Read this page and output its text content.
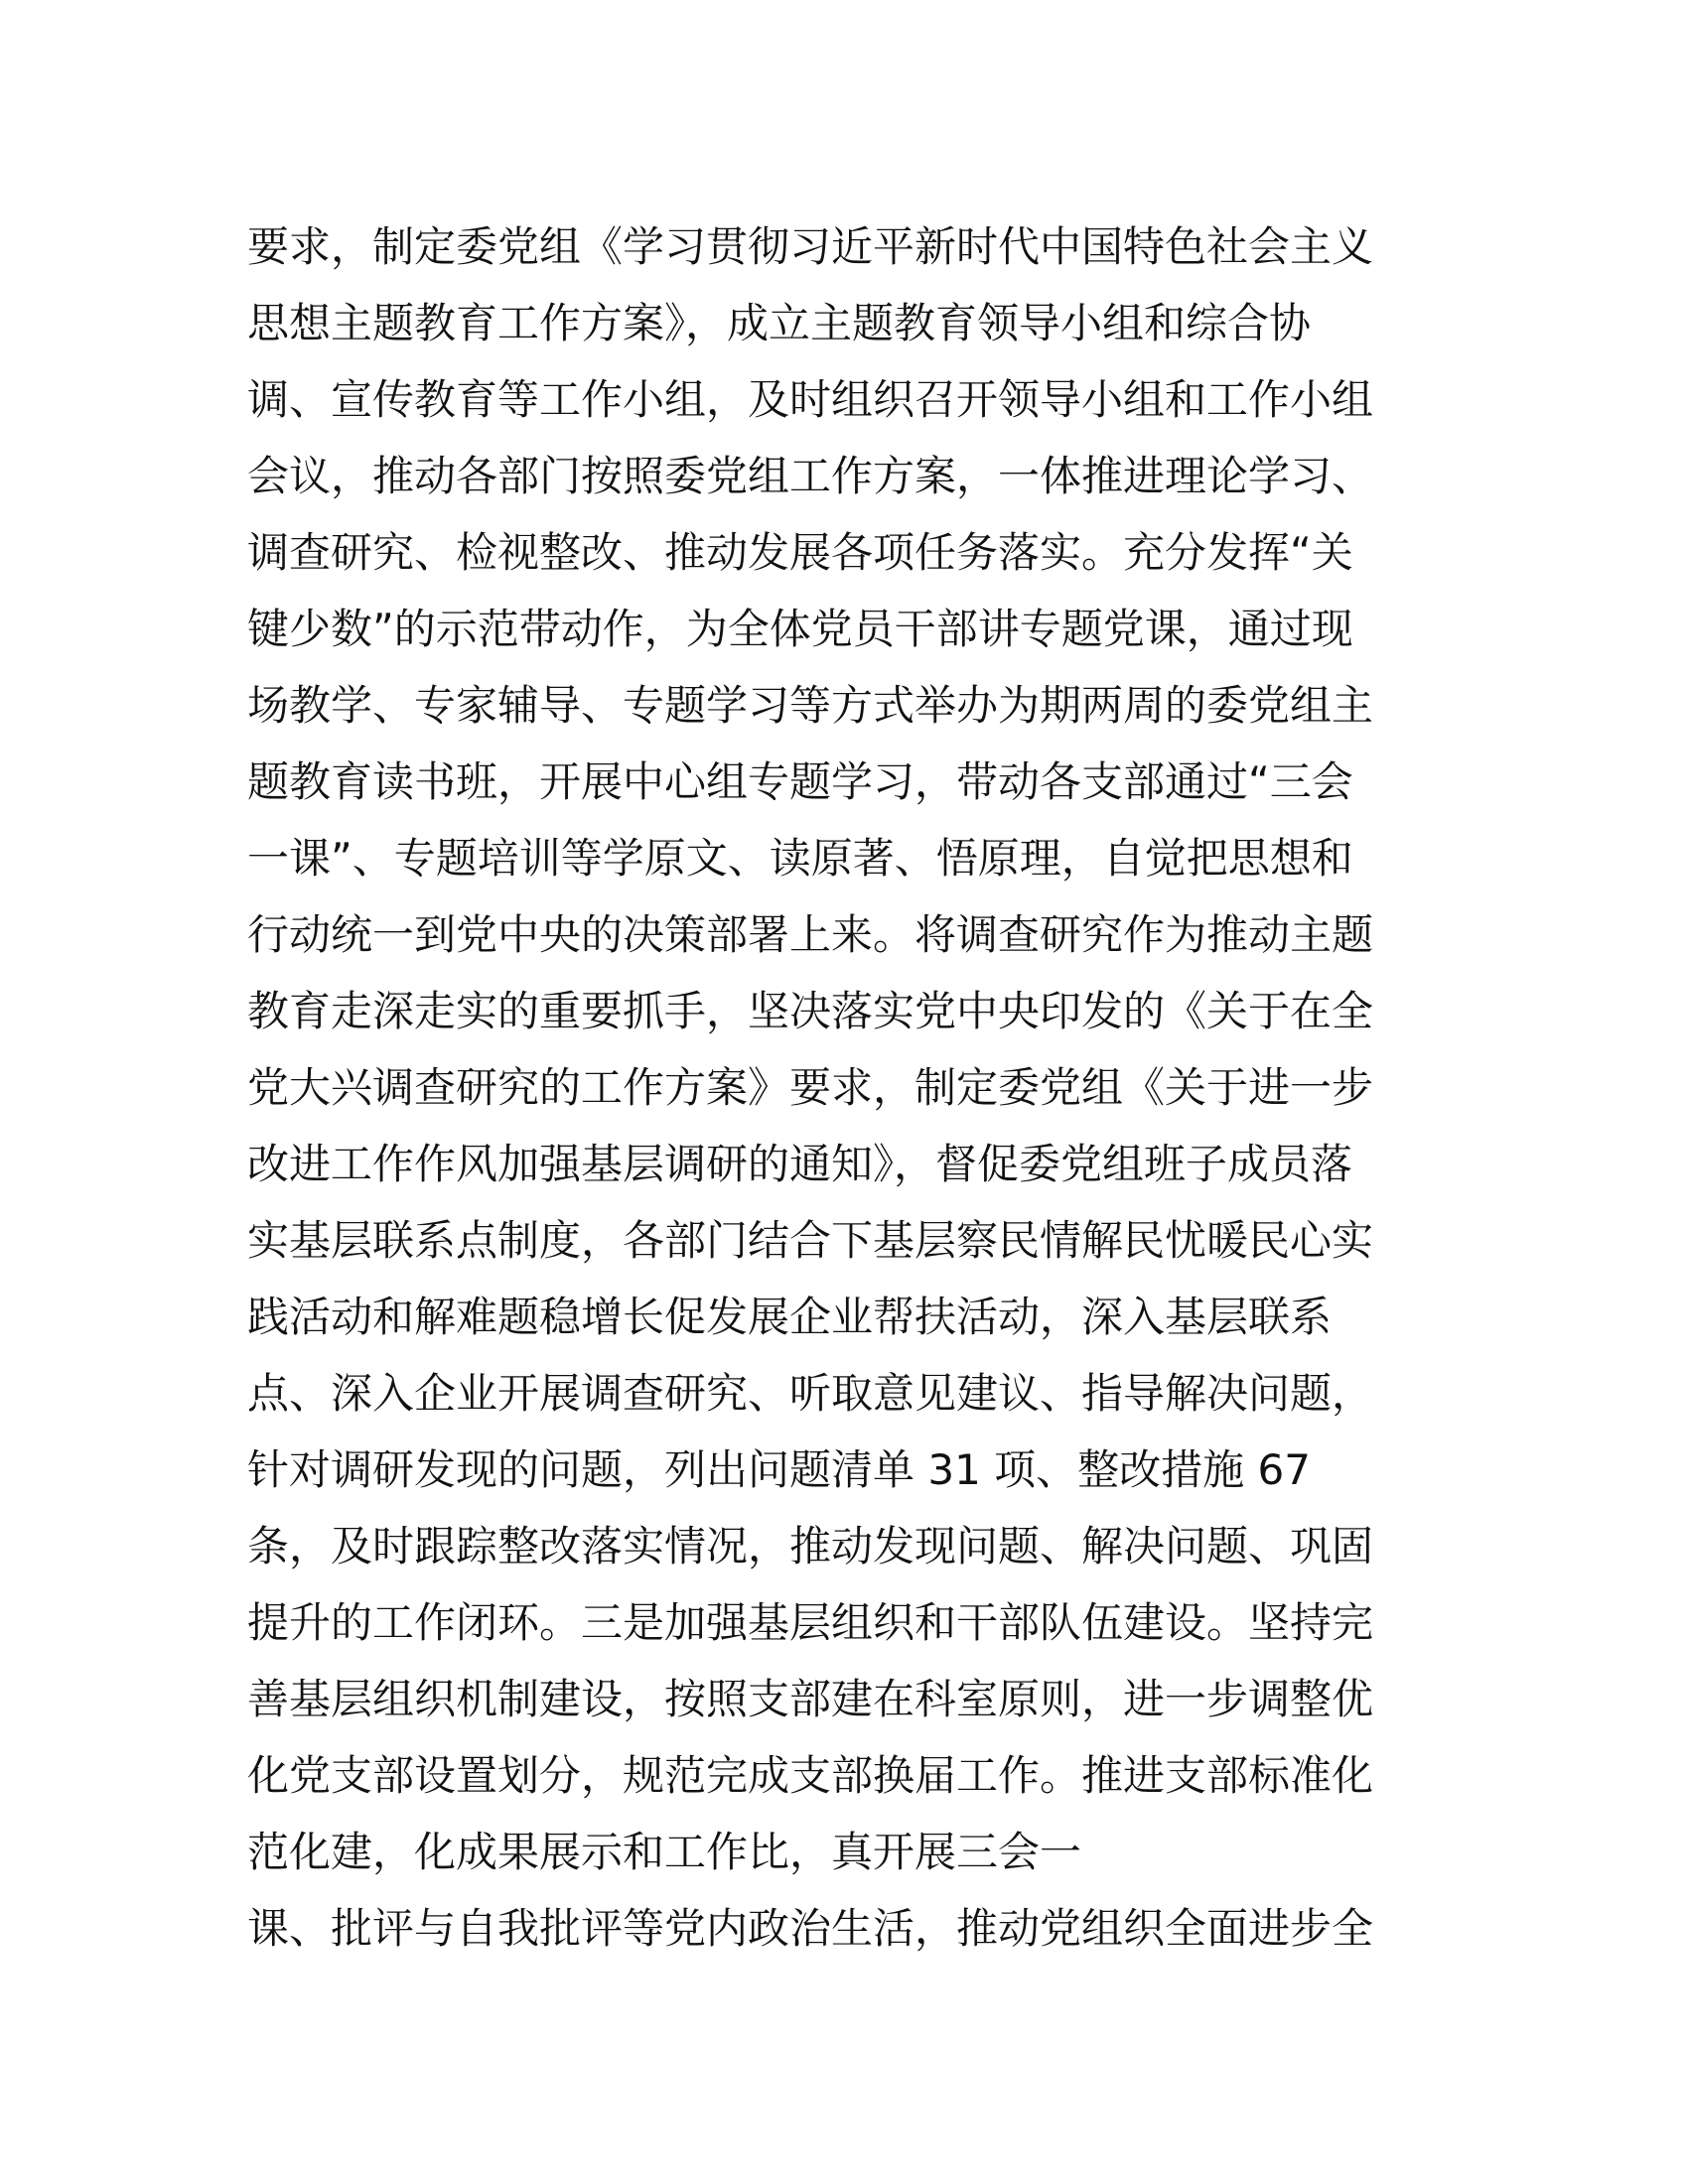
要求，制定委党组《学习贯彻习近平新时代中国特色社会主义
思想主题教育工作方案》，成立主题教育领导小组和综合协
调、宣传教育等工作小组，及时组织召开领导小组和工作小组
会议，推动各部门按照委党组工作方案，一体推进理论学习、
调查研究、检视整改、推动发展各项任务落实。充分发挥“关
键少数”的示范带动作，为全体党员干部讲专题党课，通过现
场教学、专家辅导、专题学习等方式举办为期两周的委党组主
题教育读书班，开展中心组专题学习，带动各支部通过“三会
一课”、专题培训等学原文、读原著、悟原理，自觉把思想和
行动统一到党中央的决策部署上来。将调查研究作为推动主题
教育走深走实的重要抓手，坚决落实党中央印发的《关于在全
党大兴调查研究的工作方案》要求，制定委党组《关于进一步
改进工作作风加强基层调研的通知》，督促委党组班子成员落
实基层联系点制度，各部门结合下基层察民情解民忧暖民心实
践活动和解难题稳增长促发展企业帮扶活动，深入基层联系
点、深入企业开展调查研究、听取意见建议、指导解决问题，
针对调研发现的问题，列出问题清单 31 项、整改措施 67
条，及时跟踪整改落实情况，推动发现问题、解决问题、巩固
提升的工作闭环。三是加强基层组织和干部队伍建设。坚持完
善基层组织机制建设，按照支部建在科室原则，进一步调整优
化党支部设置划分，规范完成支部换届工作。推进支部标准化
范化建，化成果展示和工作比，真开展三会一
课、批评与自我批评等党内政治生活，推动党组织全面进步全
